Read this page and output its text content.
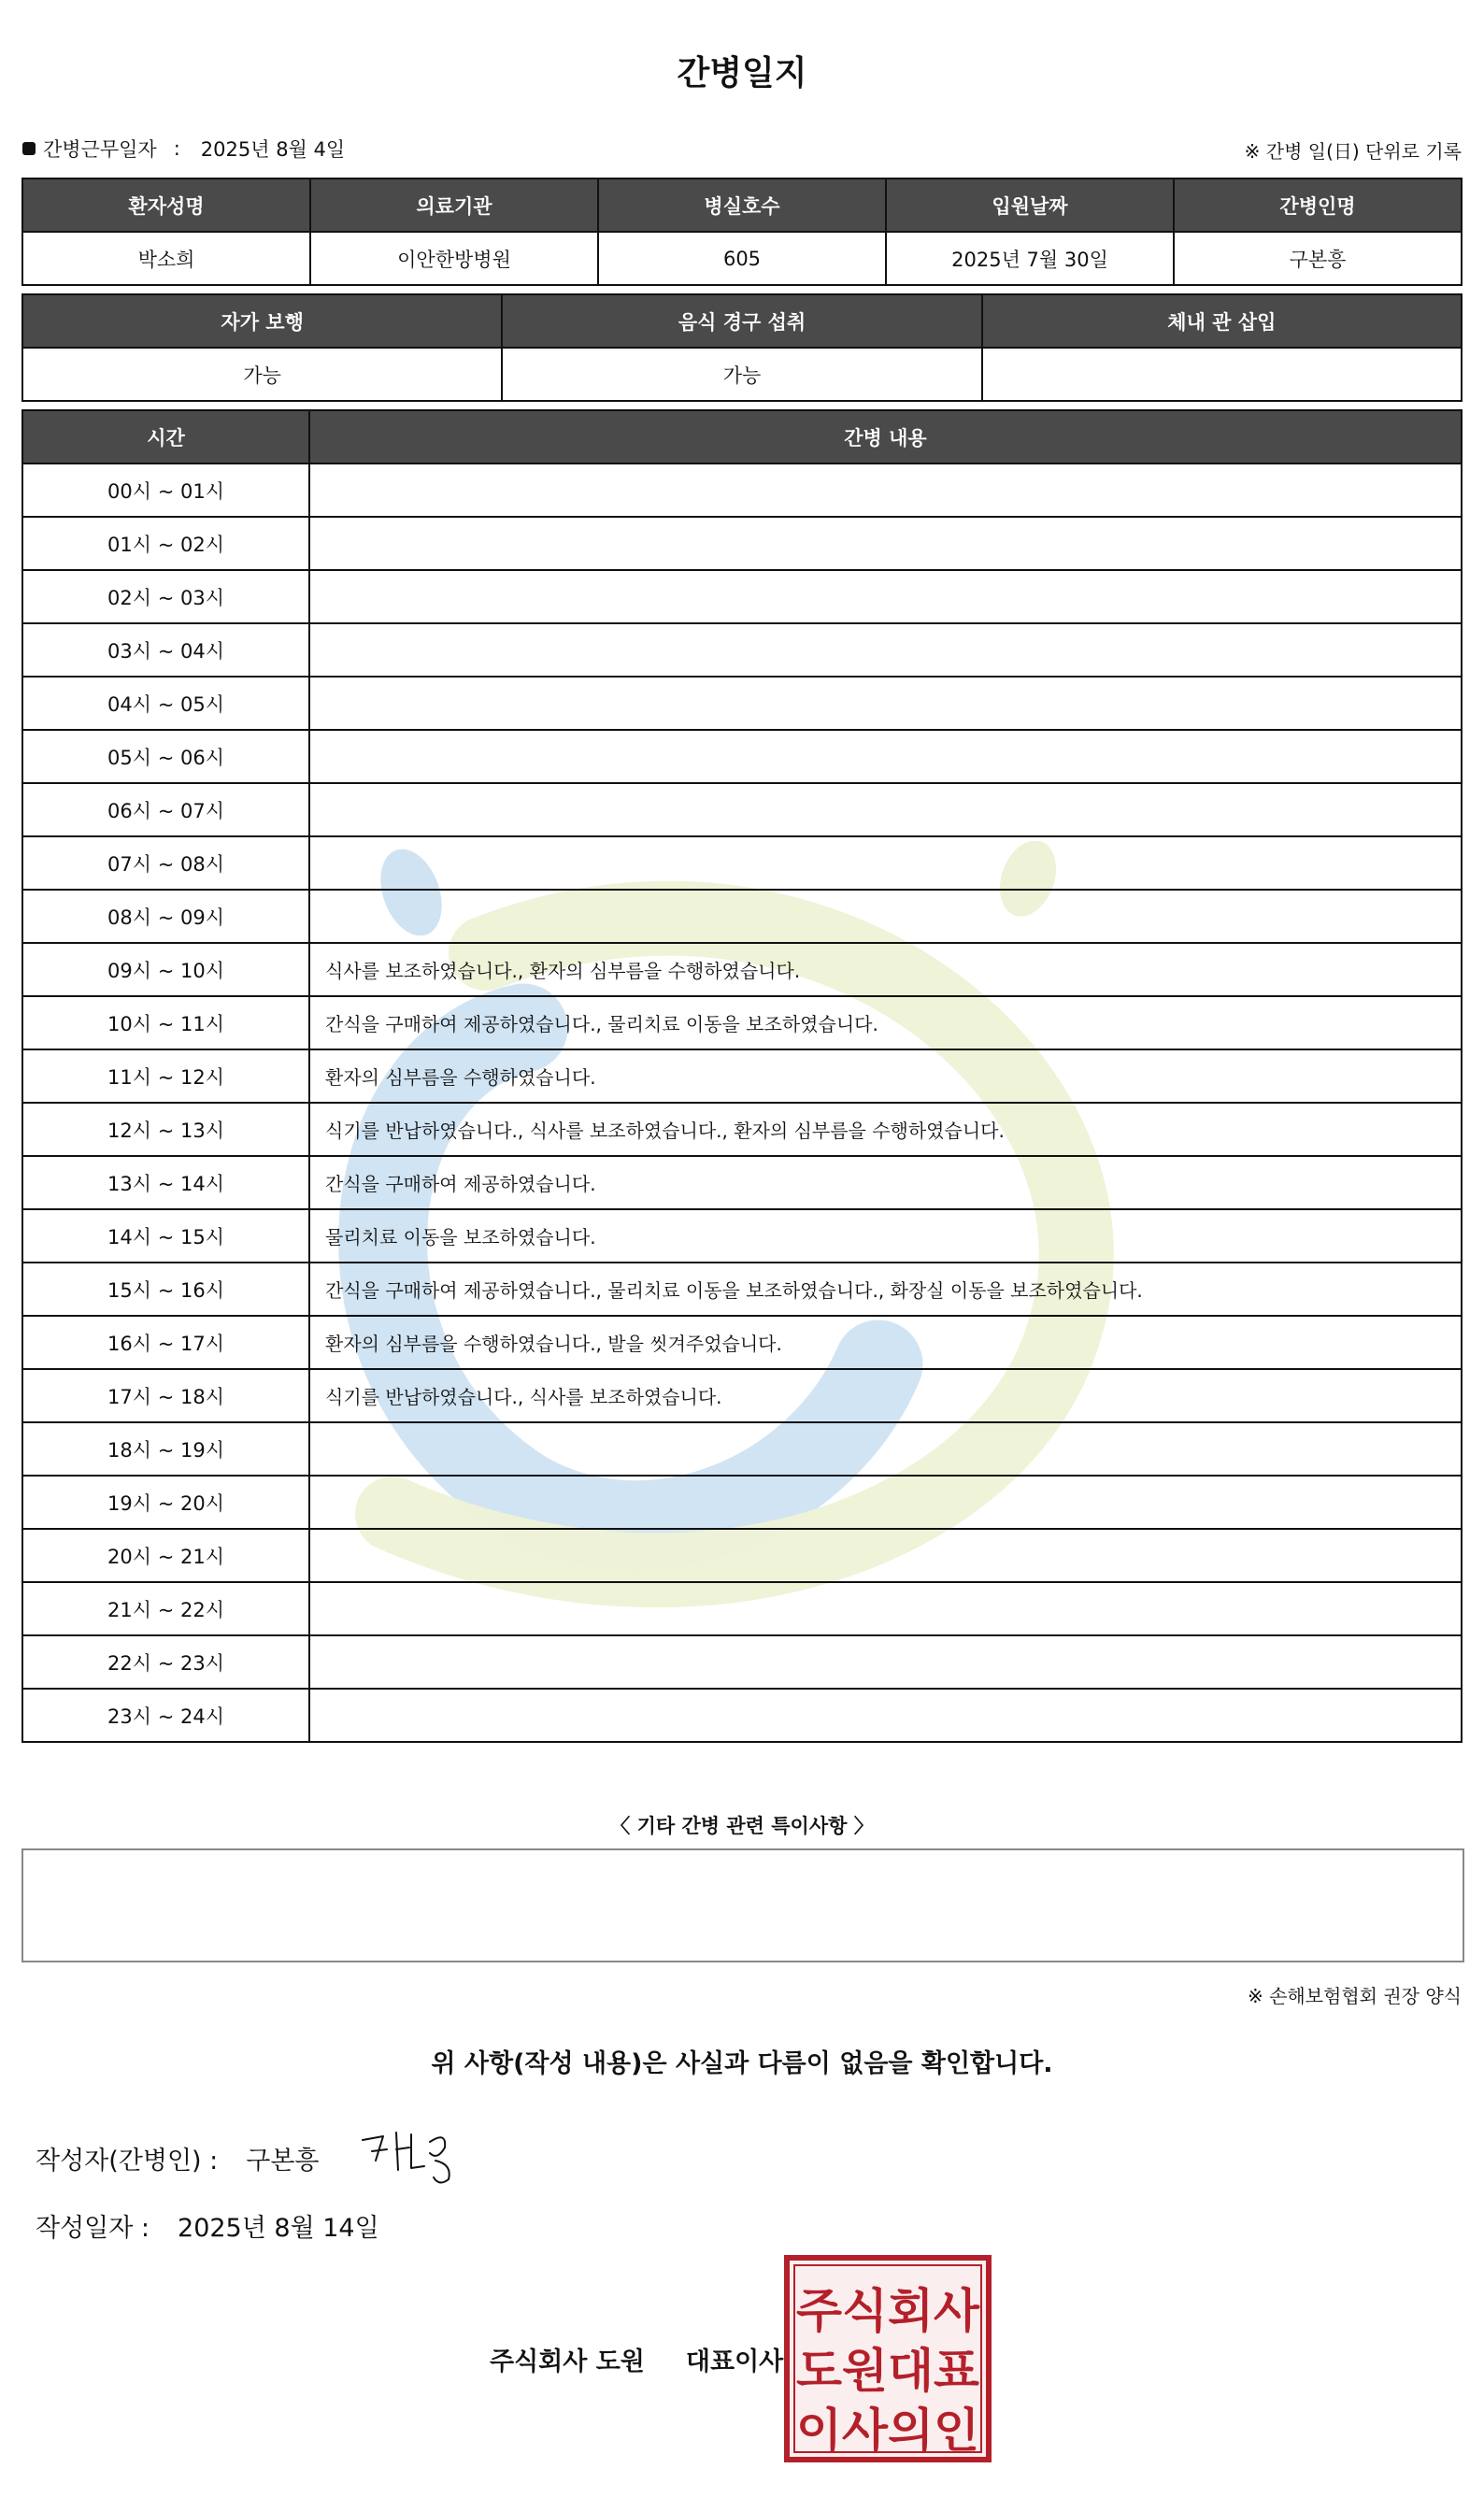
간병일지
간병근무일자 : 2025년 8월 4일	※ 간병 일(日) 단위로 기록
환자성명	의료기관	병실호수	입원날짜	간병인명
박소희	이안한방병원	605	2025년 7월 30일	구본흥
자가 보행	음식 경구 섭취	체내 관 삽입
가능	가능	
시간	간병 내용
00시 ~ 01시	
01시 ~ 02시	
02시 ~ 03시	
03시 ~ 04시	
04시 ~ 05시	
05시 ~ 06시	
06시 ~ 07시	
07시 ~ 08시	
08시 ~ 09시	
09시 ~ 10시	식사를 보조하였습니다., 환자의 심부름을 수행하였습니다.
10시 ~ 11시	간식을 구매하여 제공하였습니다., 물리치료 이동을 보조하였습니다.
11시 ~ 12시	환자의 심부름을 수행하였습니다.
12시 ~ 13시	식기를 반납하였습니다., 식사를 보조하였습니다., 환자의 심부름을 수행하였습니다.
13시 ~ 14시	간식을 구매하여 제공하였습니다.
14시 ~ 15시	물리치료 이동을 보조하였습니다.
15시 ~ 16시	간식을 구매하여 제공하였습니다., 물리치료 이동을 보조하였습니다., 화장실 이동을 보조하였습니다.
16시 ~ 17시	환자의 심부름을 수행하였습니다., 발을 씻겨주었습니다.
17시 ~ 18시	식기를 반납하였습니다., 식사를 보조하였습니다.
18시 ~ 19시	
19시 ~ 20시	
20시 ~ 21시	
21시 ~ 22시	
22시 ~ 23시	
23시 ~ 24시	
〈 기타 간병 관련 특이사항 〉
※ 손해보험협회 권장 양식
위 사항(작성 내용)은 사실과 다름이 없음을 확인합니다.
작성자(간병인) : 구본흥
작성일자 : 2025년 8월 14일
주식회사 도원 대표이사
주식회사
도원대표
이사의인
